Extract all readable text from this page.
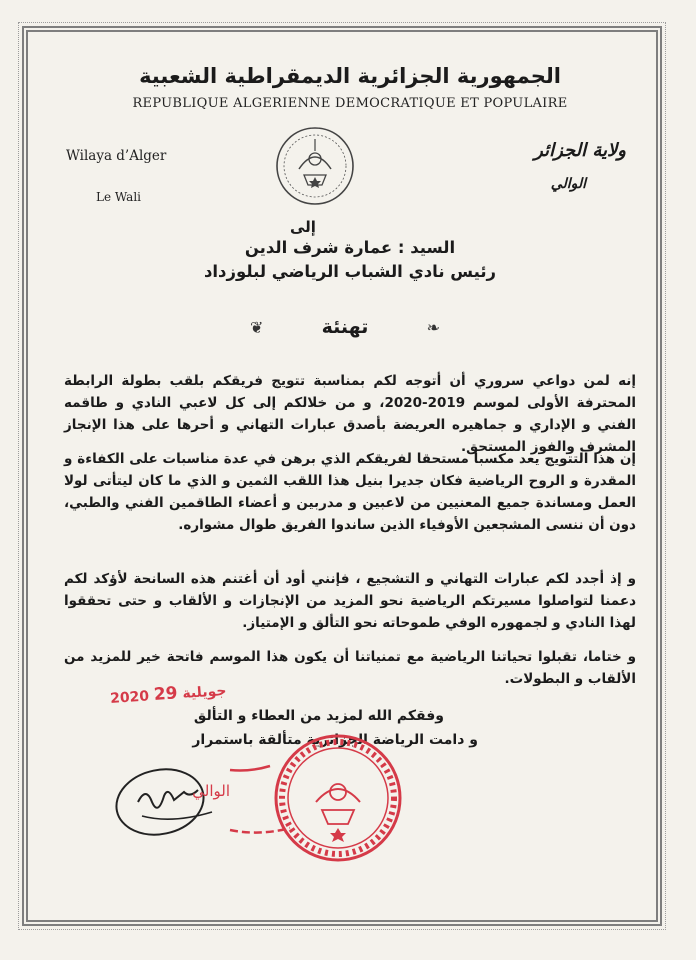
الجمهورية الجزائرية الديمقراطية الشعبية
REPUBLIQUE ALGERIENNE DEMOCRATIQUE ET POPULAIRE
Wilaya d’Alger
Le Wali
ولاية الجزائر
الوالي
إلى
السيد : عمارة شرف الدين
رئيس نادي الشباب الرياضي لبلوزداد
❦	تهنئة	❧
إنه لمن دواعي سروري أن أتوجه لكم بمناسبة تتويج فريقكم بلقب بطولة الرابطة المحترفة الأولى لموسم 2019-2020، و من خلالكم إلى كل لاعبي النادي و طاقمه الفني و الإداري و جماهيره العريضة بأصدق عبارات التهاني و أحرها على هذا الإنجاز المشرف والفوز المستحق.
إن هذا التتويج يعد مكسبا مستحقا لفريقكم الذي برهن في عدة مناسبات على الكفاءة و المقدرة و الروح الرياضية فكان جديرا بنيل هذا اللقب الثمين و الذي ما كان ليتأتى لولا العمل ومساندة جميع المعنيين من لاعبين و مدربين و أعضاء الطاقمين الفني والطبي، دون أن ننسى المشجعين الأوفياء الذين ساندوا الفريق طوال مشواره.
و إذ أجدد لكم عبارات التهاني و التشجيع ، فإنني أود أن أغتنم هذه السانحة لأؤكد لكم دعمنا لتواصلوا مسيرتكم الرياضية نحو المزيد من الإنجازات و الألقاب و حتى تحققوا لهذا النادي و لجمهوره الوفي طموحاته نحو التألق و الإمتياز.
و ختاما، تقبلوا تحياتنا الرياضية مع تمنياتنا أن يكون هذا الموسم فاتحة خير للمزيد من الألقاب و البطولات.
2020 جويلية 29
وفقكم الله لمزيد من العطاء و التألق
و دامت الرياضة الجزائرية متألقة باستمرار
الوالي
